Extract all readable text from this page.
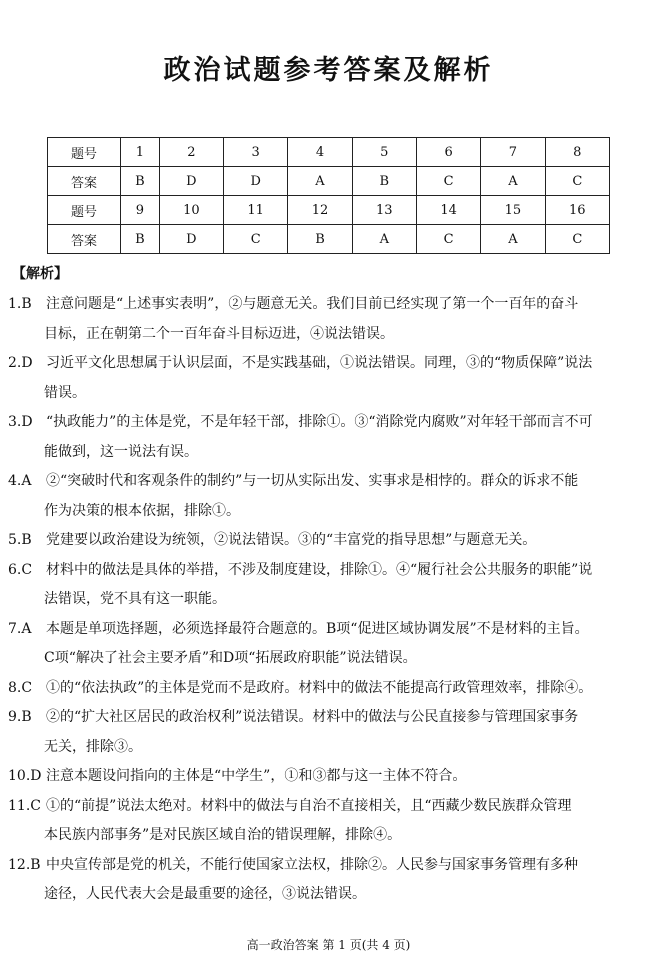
政治试题参考答案及解析
题号	1	2	3	4	5	6	7	8
答案	B	D	D	A	B	C	A	C
题号	9	10	11	12	13	14	15	16
答案	B	D	C	B	A	C	A	C
【解析】
1.B 注意问题是“上述事实表明”，②与题意无关。我们目前已经实现了第一个一百年的奋斗
目标，正在朝第二个一百年奋斗目标迈进，④说法错误。
2.D 习近平文化思想属于认识层面，不是实践基础，①说法错误。同理，③的“物质保障”说法
错误。
3.D “执政能力”的主体是党，不是年轻干部，排除①。③“消除党内腐败”对年轻干部而言不可
能做到，这一说法有误。
4.A ②“突破时代和客观条件的制约”与一切从实际出发、实事求是相悖的。群众的诉求不能
作为决策的根本依据，排除①。
5.B 党建要以政治建设为统领，②说法错误。③的“丰富党的指导思想”与题意无关。
6.C 材料中的做法是具体的举措，不涉及制度建设，排除①。④“履行社会公共服务的职能”说
法错误，党不具有这一职能。
7.A 本题是单项选择题，必须选择最符合题意的。B项“促进区域协调发展”不是材料的主旨。
C项“解决了社会主要矛盾”和D项“拓展政府职能”说法错误。
8.C ①的“依法执政”的主体是党而不是政府。材料中的做法不能提高行政管理效率，排除④。
9.B ②的“扩大社区居民的政治权利”说法错误。材料中的做法与公民直接参与管理国家事务
无关，排除③。
10.D 注意本题设问指向的主体是“中学生”，①和③都与这一主体不符合。
11.C ①的“前提”说法太绝对。材料中的做法与自治不直接相关，且“西藏少数民族群众管理
本民族内部事务”是对民族区域自治的错误理解，排除④。
12.B 中央宣传部是党的机关，不能行使国家立法权，排除②。人民参与国家事务管理有多种
途径，人民代表大会是最重要的途径，③说法错误。
高一政治答案 第 1 页(共 4 页)
